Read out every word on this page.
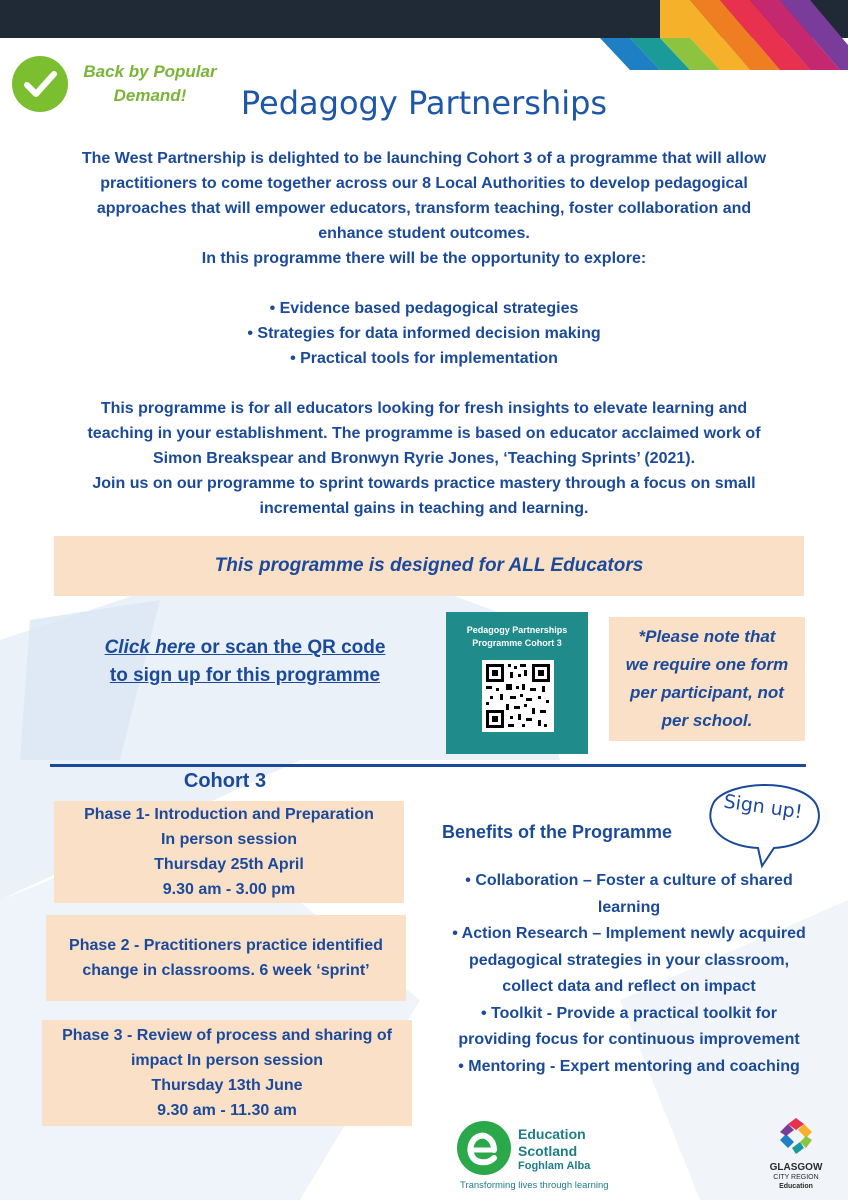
Back by Popular
Demand!	Pedagogy Partnerships

The West Partnership is delighted to be launching Cohort 3 of a programme that will allow

practitioners to come together across our 8 Local Authorities to develop pedagogical

approaches that will empower educators, transform teaching, foster collaboration and

enhance student outcomes.

In this programme there will be the opportunity to explore:

• Evidence based pedagogical strategies

• Strategies for data informed decision making

• Practical tools for implementation

This programme is for all educators looking for fresh insights to elevate learning and

teaching in your establishment. The programme is based on educator acclaimed work of

Simon Breakspear and Bronwyn Ryrie Jones, ‘Teaching Sprints’ (2021).

Join us on our programme to sprint towards practice mastery through a focus on small

incremental gains in teaching and learning.

This programme is designed for ALL Educators
Click here or scan the QR code
to sign up for this programme
Pedagogy Partnerships
Programme Cohort 3	*Please note that
we require one form
per participant, not
per school.
Cohort 3
Phase 1- Introduction and Preparation
In person session
Thursday 25th April
9.30 am - 3.00 pm
Phase 2 - Practitioners practice identified
change in classrooms. 6 week ‘sprint’
Phase 3 - Review of process and sharing of
impact In person session
Thursday 13th June
9.30 am - 11.30 am
Sign up!
Benefits of the Programme
• Collaboration – Foster a culture of shared
learning
• Action Research – Implement newly acquired
pedagogical strategies in your classroom,
collect data and reflect on impact
• Toolkit - Provide a practical toolkit for
providing focus for continuous improvement
• Mentoring - Expert mentoring and coaching
Education
Scotland
Foghlam Alba
Transforming lives through learning
GLASGOW
CITY REGION
Education
